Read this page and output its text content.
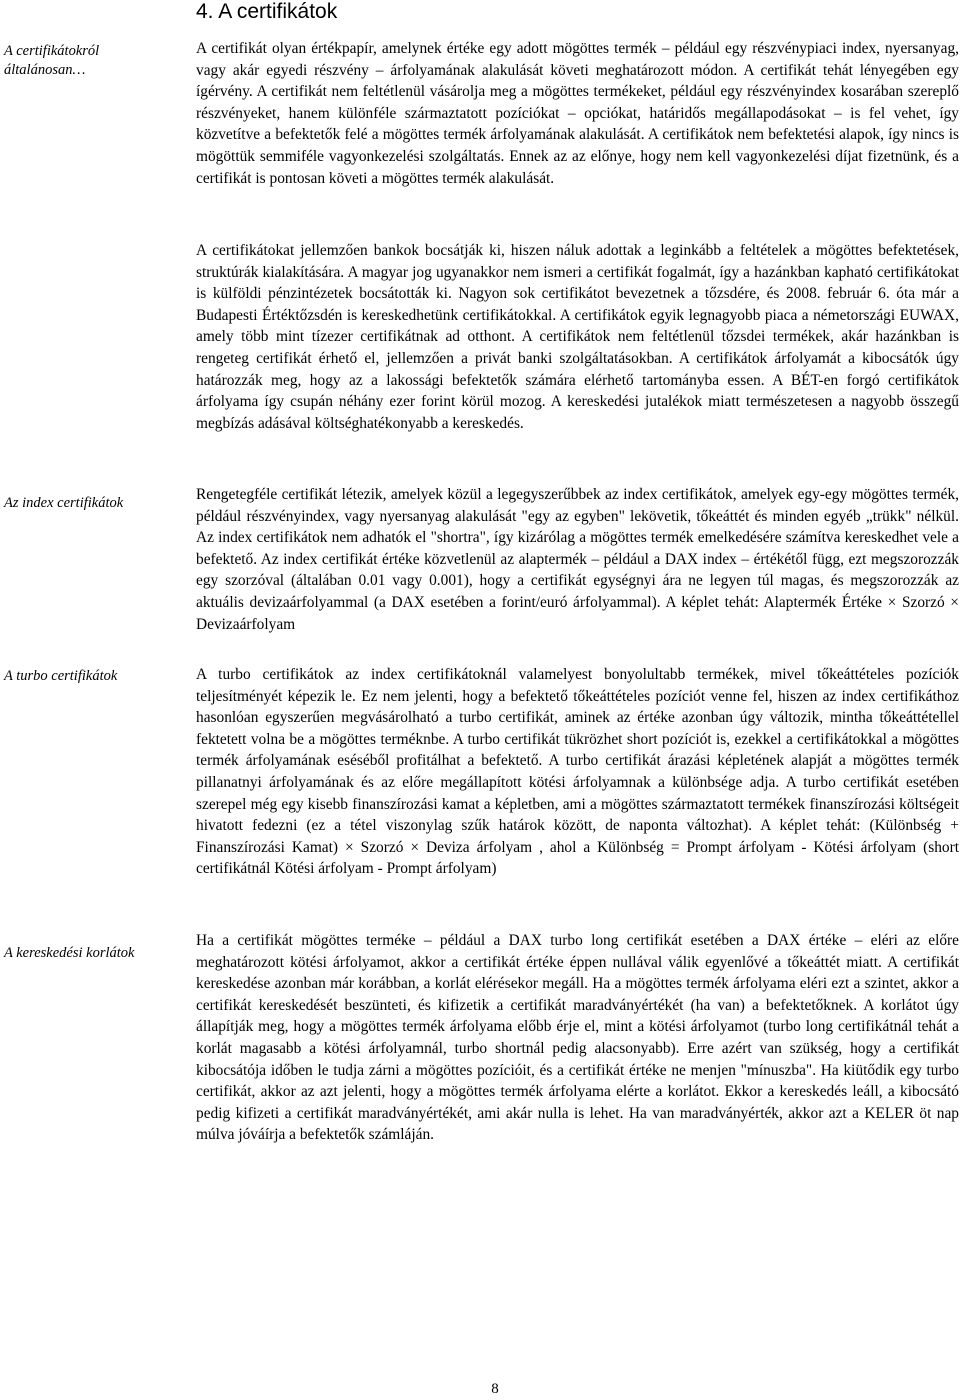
4. A certifikátok
A certifikátokról általánosan…
Az index certifikátok
A turbo certifikátok
A kereskedési korlátok

A certifikát olyan értékpapír, amelynek értéke egy adott mögöttes termék – például egy részvénypiaci index, nyersanyag, vagy akár egyedi részvény – árfolyamának alakulását követi meghatározott módon. A certifikát tehát lényegében egy ígérvény. A certifikát nem feltétlenül vásárolja meg a mögöttes termékeket, például egy részvényindex kosarában szereplő részvényeket, hanem különféle származtatott pozíciókat – opciókat, határidős megállapodásokat – is fel vehet, így közvetítve a befektetők felé a mögöttes termék árfolyamának alakulását. A certifikátok nem befektetési alapok, így nincs is mögöttük semmiféle vagyonkezelési szolgáltatás. Ennek az az előnye, hogy nem kell vagyonkezelési díjat fizetnünk, és a certifikát is pontosan követi a mögöttes termék alakulását.

A certifikátokat jellemzően bankok bocsátják ki, hiszen náluk adottak a leginkább a feltételek a mögöttes befektetések, struktúrák kialakítására. A magyar jog ugyanakkor nem ismeri a certifikát fogalmát, így a hazánkban kapható certifikátokat is külföldi pénzintézetek bocsátották ki. Nagyon sok certifikátot bevezetnek a tőzsdére, és 2008. február 6. óta már a Budapesti Értéktőzsdén is kereskedhetünk certifikátokkal. A certifikátok egyik legnagyobb piaca a németországi EUWAX, amely több mint tízezer certifikátnak ad otthont. A certifikátok nem feltétlenül tőzsdei termékek, akár hazánkban is rengeteg certifikát érhető el, jellemzően a privát banki szolgáltatásokban. A certifikátok árfolyamát a kibocsátók úgy határozzák meg, hogy az a lakossági befektetők számára elérhető tartományba essen. A BÉT-en forgó certifikátok árfolyama így csupán néhány ezer forint körül mozog. A kereskedési jutalékok miatt természetesen a nagyobb összegű megbízás adásával költséghatékonyabb a kereskedés.

Rengetegféle certifikát létezik, amelyek közül a legegyszerűbbek az index certifikátok, amelyek egy-egy mögöttes termék, például részvényindex, vagy nyersanyag alakulását "egy az egyben" lekövetik, tőkeáttét és minden egyéb „trükk" nélkül. Az index certifikátok nem adhatók el "shortra", így kizárólag a mögöttes termék emelkedésére számítva kereskedhet vele a befektető. Az index certifikát értéke közvetlenül az alaptermék – például a DAX index – értékétől függ, ezt megszorozzák egy szorzóval (általában 0.01 vagy 0.001), hogy a certifikát egységnyi ára ne legyen túl magas, és megszorozzák az aktuális devizaárfolyammal (a DAX esetében a forint/euró árfolyammal). A képlet tehát: Alaptermék Értéke × Szorzó × Devizaárfolyam

A turbo certifikátok az index certifikátoknál valamelyest bonyolultabb termékek, mivel tőkeáttételes pozíciók teljesítményét képezik le. Ez nem jelenti, hogy a befektető tőkeáttételes pozíciót venne fel, hiszen az index certifikáthoz hasonlóan egyszerűen megvásárolható a turbo certifikát, aminek az értéke azonban úgy változik, mintha tőkeáttétellel fektetett volna be a mögöttes terméknbe. A turbo certifikát tükrözhet short pozíciót is, ezekkel a certifikátokkal a mögöttes termék árfolyamának eséséből profitálhat a befektető. A turbo certifikát árazási képletének alapját a mögöttes termék pillanatnyi árfolyamának és az előre megállapított kötési árfolyamnak a különbsége adja. A turbo certifikát esetében szerepel még egy kisebb finanszírozási kamat a képletben, ami a mögöttes származtatott termékek finanszírozási költségeit hivatott fedezni (ez a tétel viszonylag szűk határok között, de naponta változhat). A képlet tehát: (Különbség + Finanszírozási Kamat) × Szorzó × Deviza árfolyam , ahol a Különbség = Prompt árfolyam - Kötési árfolyam (short certifikátnál Kötési árfolyam - Prompt árfolyam)

Ha a certifikát mögöttes terméke – például a DAX turbo long certifikát esetében a DAX értéke – eléri az előre meghatározott kötési árfolyamot, akkor a certifikát értéke éppen nullával válik egyenlővé a tőkeáttét miatt. A certifikát kereskedése azonban már korábban, a korlát elérésekor megáll. Ha a mögöttes termék árfolyama eléri ezt a szintet, akkor a certifikát kereskedését beszünteti, és kifizetik a certifikát maradványértékét (ha van) a befektetőknek. A korlátot úgy állapítják meg, hogy a mögöttes termék árfolyama előbb érje el, mint a kötési árfolyamot (turbo long certifikátnál tehát a korlát magasabb a kötési árfolyamnál, turbo shortnál pedig alacsonyabb). Erre azért van szükség, hogy a certifikát kibocsátója időben le tudja zárni a mögöttes pozícióit, és a certifikát értéke ne menjen "mínuszba". Ha kiütődik egy turbo certifikát, akkor az azt jelenti, hogy a mögöttes termék árfolyama elérte a korlátot. Ekkor a kereskedés leáll, a kibocsátó pedig kifizeti a certifikát maradványértékét, ami akár nulla is lehet. Ha van maradványérték, akkor azt a KELER öt nap múlva jóváírja a befektetők számláján.

8
